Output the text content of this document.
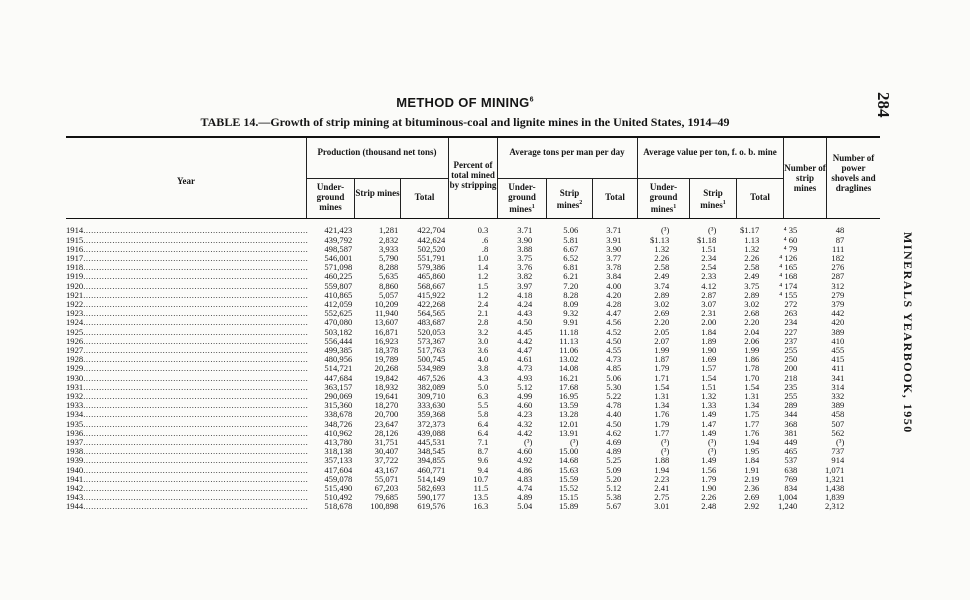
METHOD OF MINING$^6$
TABLE 14.—Growth of strip mining at bituminous-coal and lignite mines in the United States, 1914–49
284
MINERALS YEARBOOK, 1950
Year
Production (thousand net tons)
Under-ground mines
Strip mines	Total
Percent of total mined by stripping
Average tons per man per day
Under-ground mines$^1$
Strip mines$^2$
Total
Average value per ton, f. o. b. mine
Under-ground mines$^1$
Strip mines$^1$
Total
Number of strip mines
Number of power shovels and draglines
1914.....................................................................................	421,423	1,281	422,704	0.3	3.71	5.06	3.71	(³)	(³)	$1.17	⁴ 35	48
1915.....................................................................................	439,792	2,832	442,624	.6	3.90	5.81	3.91	$1.13	$1.18	1.13	⁴ 60	87
1916.....................................................................................	498,587	3,933	502,520	.8	3.88	6.67	3.90	1.32	1.51	1.32	⁴ 79	111
1917.....................................................................................	546,001	5,790	551,791	1.0	3.75	6.52	3.77	2.26	2.34	2.26	⁴ 126	182
1918.....................................................................................	571,098	8,288	579,386	1.4	3.76	6.81	3.78	2.58	2.54	2.58	⁴ 165	276
1919.....................................................................................	460,225	5,635	465,860	1.2	3.82	6.21	3.84	2.49	2.33	2.49	⁴ 168	287
1920.....................................................................................	559,807	8,860	568,667	1.5	3.97	7.20	4.00	3.74	4.12	3.75	⁴ 174	312
1921.....................................................................................	410,865	5,057	415,922	1.2	4.18	8.28	4.20	2.89	2.87	2.89	⁴ 155	279
1922.....................................................................................	412,059	10,209	422,268	2.4	4.24	8.09	4.28	3.02	3.07	3.02	272	379
1923.....................................................................................	552,625	11,940	564,565	2.1	4.43	9.32	4.47	2.69	2.31	2.68	263	442
1924.....................................................................................	470,080	13,607	483,687	2.8	4.50	9.91	4.56	2.20	2.00	2.20	234	420
1925.....................................................................................	503,182	16,871	520,053	3.2	4.45	11.18	4.52	2.05	1.84	2.04	227	389
1926.....................................................................................	556,444	16,923	573,367	3.0	4.42	11.13	4.50	2.07	1.89	2.06	237	410
1927.....................................................................................	499,385	18,378	517,763	3.6	4.47	11.06	4.55	1.99	1.90	1.99	255	455
1928.....................................................................................	480,956	19,789	500,745	4.0	4.61	13.02	4.73	1.87	1.69	1.86	250	415
1929.....................................................................................	514,721	20,268	534,989	3.8	4.73	14.08	4.85	1.79	1.57	1.78	200	411
1930.....................................................................................	447,684	19,842	467,526	4.3	4.93	16.21	5.06	1.71	1.54	1.70	218	341
1931.....................................................................................	363,157	18,932	382,089	5.0	5.12	17.68	5.30	1.54	1.51	1.54	235	314
1932.....................................................................................	290,069	19,641	309,710	6.3	4.99	16.95	5.22	1.31	1.32	1.31	255	332
1933.....................................................................................	315,360	18,270	333,630	5.5	4.60	13.59	4.78	1.34	1.33	1.34	289	389
1934.....................................................................................	338,678	20,700	359,368	5.8	4.23	13.28	4.40	1.76	1.49	1.75	344	458
1935.....................................................................................	348,726	23,647	372,373	6.4	4.32	12.01	4.50	1.79	1.47	1.77	368	507
1936.....................................................................................	410,962	28,126	439,088	6.4	4.42	13.91	4.62	1.77	1.49	1.76	381	562
1937.....................................................................................	413,780	31,751	445,531	7.1	(³)	(³)	4.69	(³)	(³)	1.94	449	(³)
1938.....................................................................................	318,138	30,407	348,545	8.7	4.60	15.00	4.89	(³)	(³)	1.95	465	737
1939.....................................................................................	357,133	37,722	394,855	9.6	4.92	14.68	5.25	1.88	1.49	1.84	537	914
1940.....................................................................................	417,604	43,167	460,771	9.4	4.86	15.63	5.09	1.94	1.56	1.91	638	1,071
1941.....................................................................................	459,078	55,071	514,149	10.7	4.83	15.59	5.20	2.23	1.79	2.19	769	1,321
1942.....................................................................................	515,490	67,203	582,693	11.5	4.74	15.52	5.12	2.41	1.90	2.36	834	1,438
1943.....................................................................................	510,492	79,685	590,177	13.5	4.89	15.15	5.38	2.75	2.26	2.69	1,004	1,839
1944.....................................................................................	518,678	100,898	619,576	16.3	5.04	15.89	5.67	3.01	2.48	2.92	1,240	2,312
